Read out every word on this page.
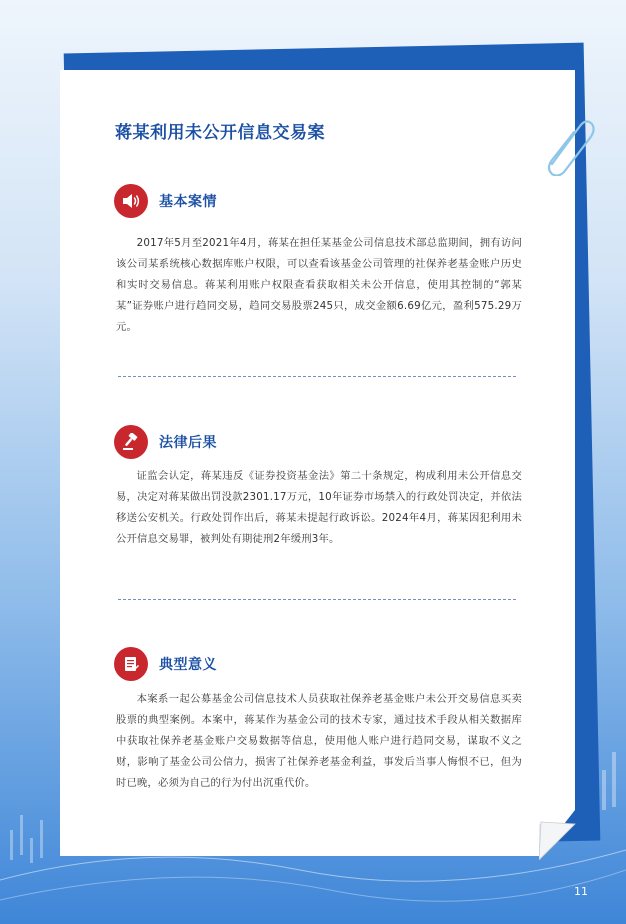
蒋某利用未公开信息交易案
基本案情

2017年5月至2021年4月，蒋某在担任某基金公司信息技术部总监期间，拥有访问该公司某系统核心数据库账户权限，可以查看该基金公司管理的社保养老基金账户历史和实时交易信息。蒋某利用账户权限查看获取相关未公开信息，使用其控制的“郭某某”证券账户进行趋同交易，趋同交易股票245只，成交金额6.69亿元，盈利575.29万元。

法律后果

证监会认定，蒋某违反《证券投资基金法》第二十条规定，构成利用未公开信息交易，决定对蒋某做出罚没款2301.17万元，10年证券市场禁入的行政处罚决定，并依法移送公安机关。行政处罚作出后，蒋某未提起行政诉讼。2024年4月，蒋某因犯利用未公开信息交易罪，被判处有期徒刑2年缓刑3年。

典型意义

本案系一起公募基金公司信息技术人员获取社保养老基金账户未公开交易信息买卖股票的典型案例。本案中，蒋某作为基金公司的技术专家，通过技术手段从相关数据库中获取社保养老基金账户交易数据等信息，使用他人账户进行趋同交易，谋取不义之财，影响了基金公司公信力，损害了社保养老基金利益，事发后当事人悔恨不已，但为时已晚，必须为自己的行为付出沉重代价。

11
